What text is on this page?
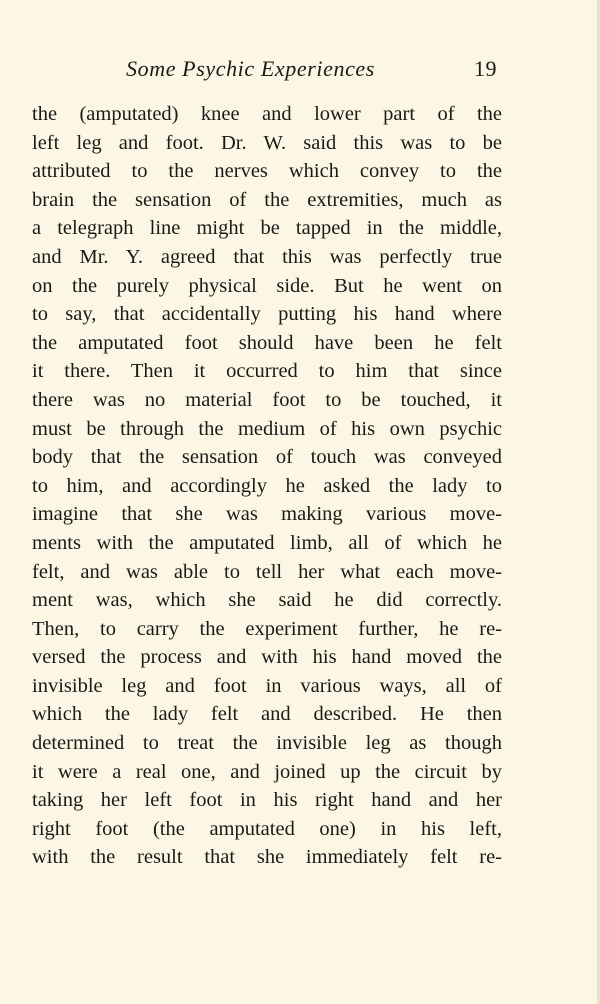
Some Psychic Experiences	19
the (amputated) knee and lower part of the
left leg and foot. Dr. W. said this was to be
attributed to the nerves which convey to the
brain the sensation of the extremities, much as
a telegraph line might be tapped in the middle,
and Mr. Y. agreed that this was perfectly true
on the purely physical side. But he went on
to say, that accidentally putting his hand where
the amputated foot should have been he felt
it there. Then it occurred to him that since
there was no material foot to be touched, it
must be through the medium of his own psychic
body that the sensation of touch was conveyed
to him, and accordingly he asked the lady to
imagine that she was making various move-
ments with the amputated limb, all of which he
felt, and was able to tell her what each move-
ment was, which she said he did correctly.
Then, to carry the experiment further, he re-
versed the process and with his hand moved the
invisible leg and foot in various ways, all of
which the lady felt and described. He then
determined to treat the invisible leg as though
it were a real one, and joined up the circuit by
taking her left foot in his right hand and her
right foot (the amputated one) in his left,
with the result that she immediately felt re-
